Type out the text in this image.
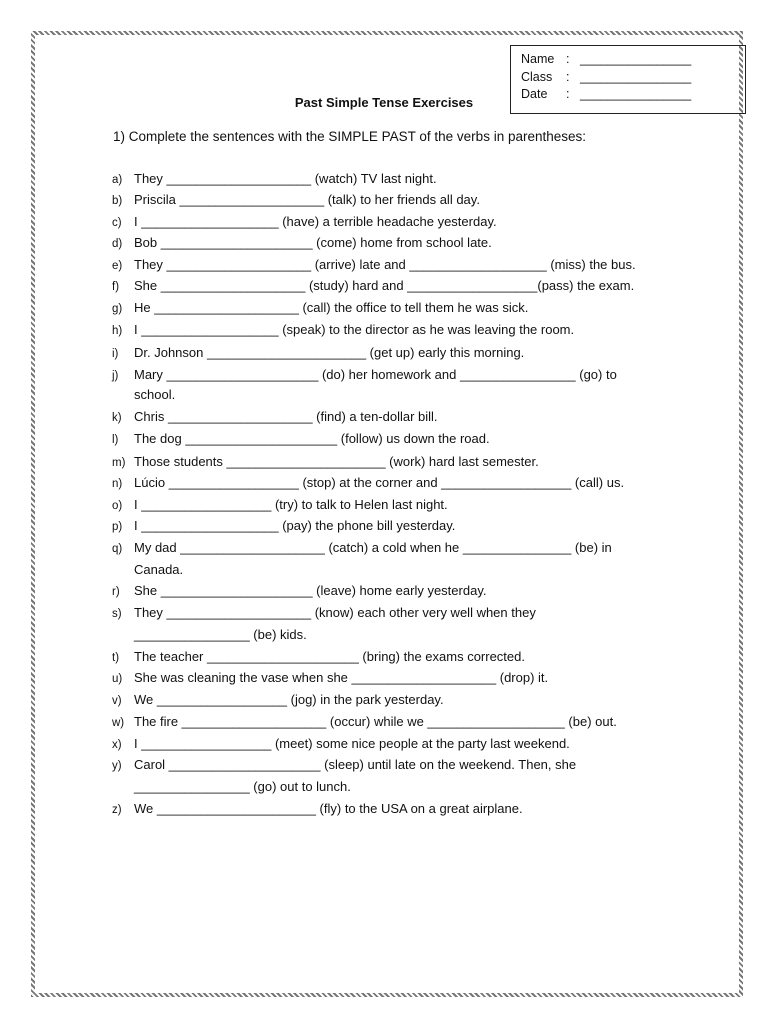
Name : ________________
Class	: ________________
Date	: ________________
Past Simple Tense Exercises
1) Complete the sentences with the SIMPLE PAST of the verbs in parentheses:
a) They ____________________ (watch) TV last night.
b) Priscila ____________________ (talk) to her friends all day.
c) I ___________________ (have) a terrible headache yesterday.
d) Bob _____________________ (come) home from school late.
e) They ____________________ (arrive) late and ___________________ (miss) the bus.
f) She ____________________ (study) hard and __________________(pass) the exam.
g) He ____________________ (call) the office to tell them he was sick.
h) I ___________________ (speak) to the director as he was leaving the room.
i) Dr. Johnson ______________________ (get up) early this morning.
j) Mary _____________________ (do) her homework and ________________ (go) to
school.
k) Chris ____________________ (find) a ten-dollar bill.
l) The dog _____________________ (follow) us down the road.
m) Those students ______________________ (work) hard last semester.
n) Lúcio __________________ (stop) at the corner and __________________ (call) us.
o) I __________________ (try) to talk to Helen last night.
p) I ___________________ (pay) the phone bill yesterday.
q) My dad ____________________ (catch) a cold when he _______________ (be) in
Canada.
r) She _____________________ (leave) home early yesterday.
s) They ____________________ (know) each other very well when they
________________ (be) kids.
t) The teacher _____________________ (bring) the exams corrected.
u) She was cleaning the vase when she ____________________ (drop) it.
v) We __________________ (jog) in the park yesterday.
w) The fire ____________________ (occur) while we ___________________ (be) out.
x) I __________________ (meet) some nice people at the party last weekend.
y) Carol _____________________ (sleep) until late on the weekend. Then, she
________________ (go) out to lunch.
z) We ______________________ (fly) to the USA on a great airplane.
